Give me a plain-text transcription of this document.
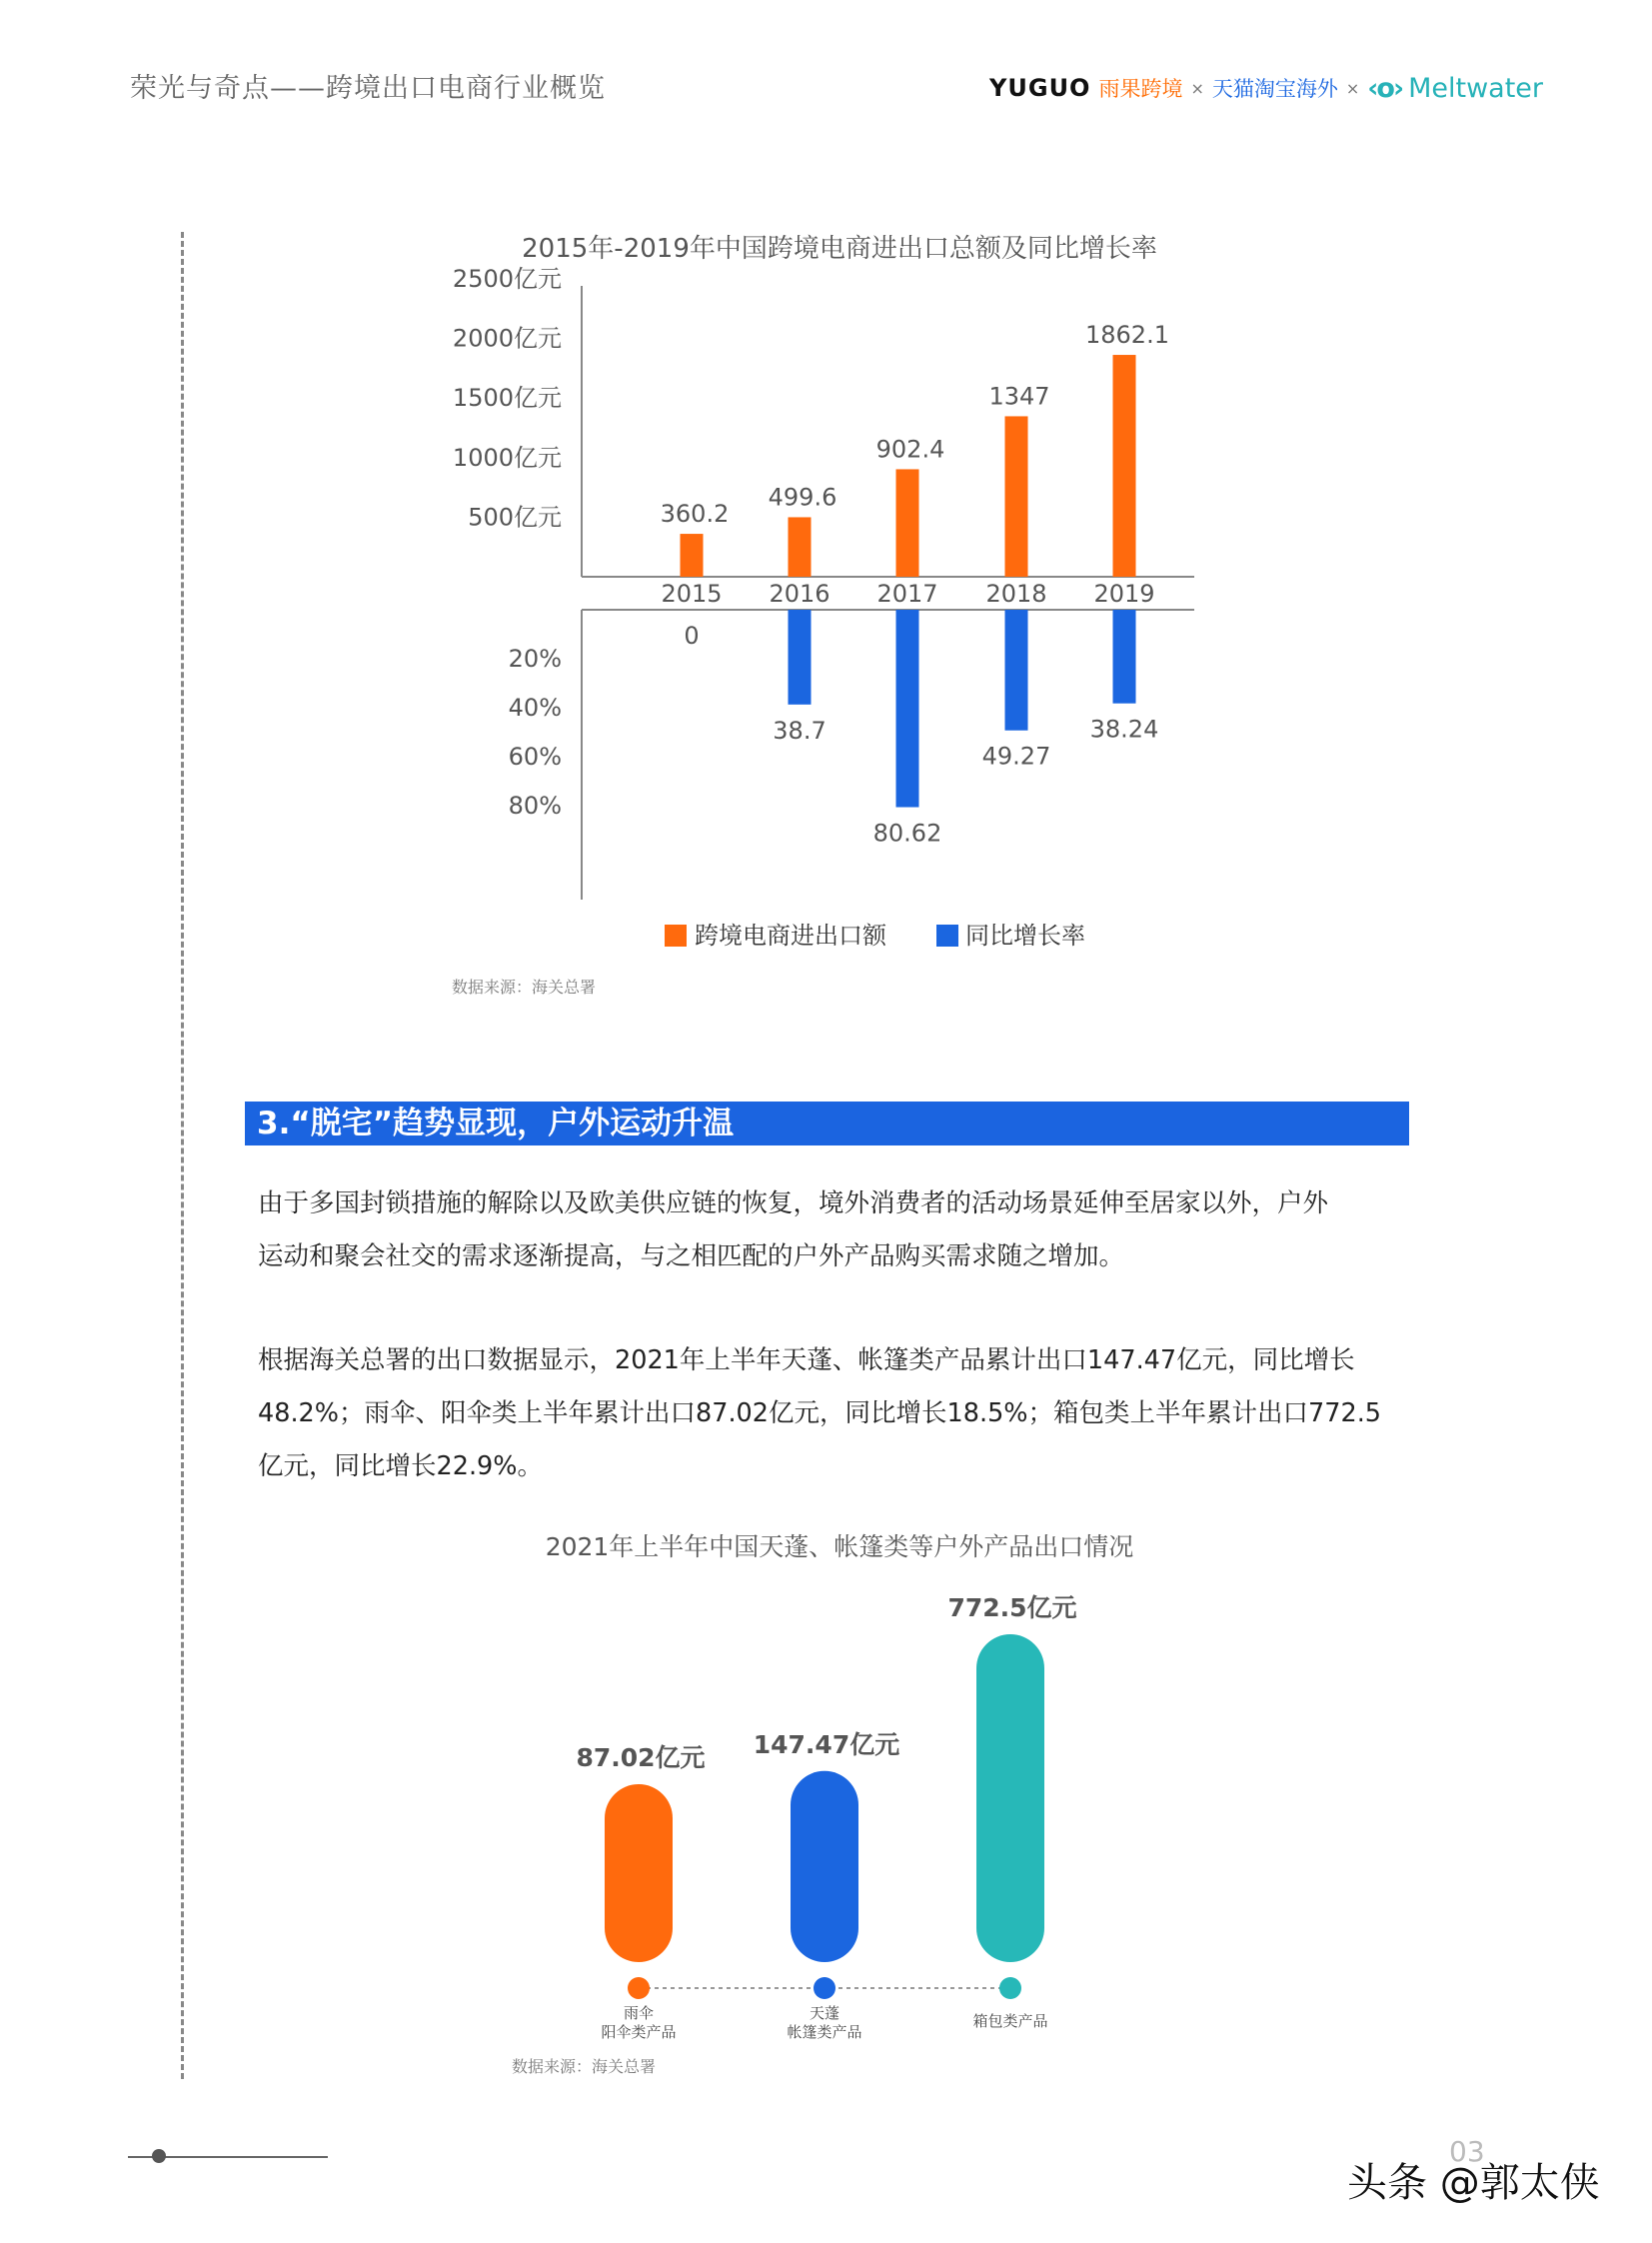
荣光与奇点——跨境出口电商行业概览	YUGUO 雨果跨境 × 天猫淘宝海外 × ‹o› Meltwater
2015年-2019年中国跨境电商进出口总额及同比增长率
500亿元
1000亿元
1500亿元
2000亿元
2500亿元
20%
40%
60%
80%
2015
360.2
0
2016
499.6
38.7
2017
902.4
80.62
2018
1347
49.27
2019
1862.1
38.24
跨境电商进出口额	同比增长率
数据来源：海关总署
3.“脱宅”趋势显现，户外运动升温
由于多国封锁措施的解除以及欧美供应链的恢复，境外消费者的活动场景延伸至居家以外，户外
运动和聚会社交的需求逐渐提高，与之相匹配的户外产品购买需求随之增加。
根据海关总署的出口数据显示，2021年上半年天蓬、帐篷类产品累计出口147.47亿元，同比增长
48.2%；雨伞、阳伞类上半年累计出口87.02亿元，同比增长18.5%；箱包类上半年累计出口772.5
亿元，同比增长22.9%。
2021年上半年中国天蓬、帐篷类等户外产品出口情况
87.02亿元
雨伞
阳伞类产品
147.47亿元
天蓬
帐篷类产品
772.5亿元
箱包类产品
数据来源：海关总署
03
头条 @郭太侠
